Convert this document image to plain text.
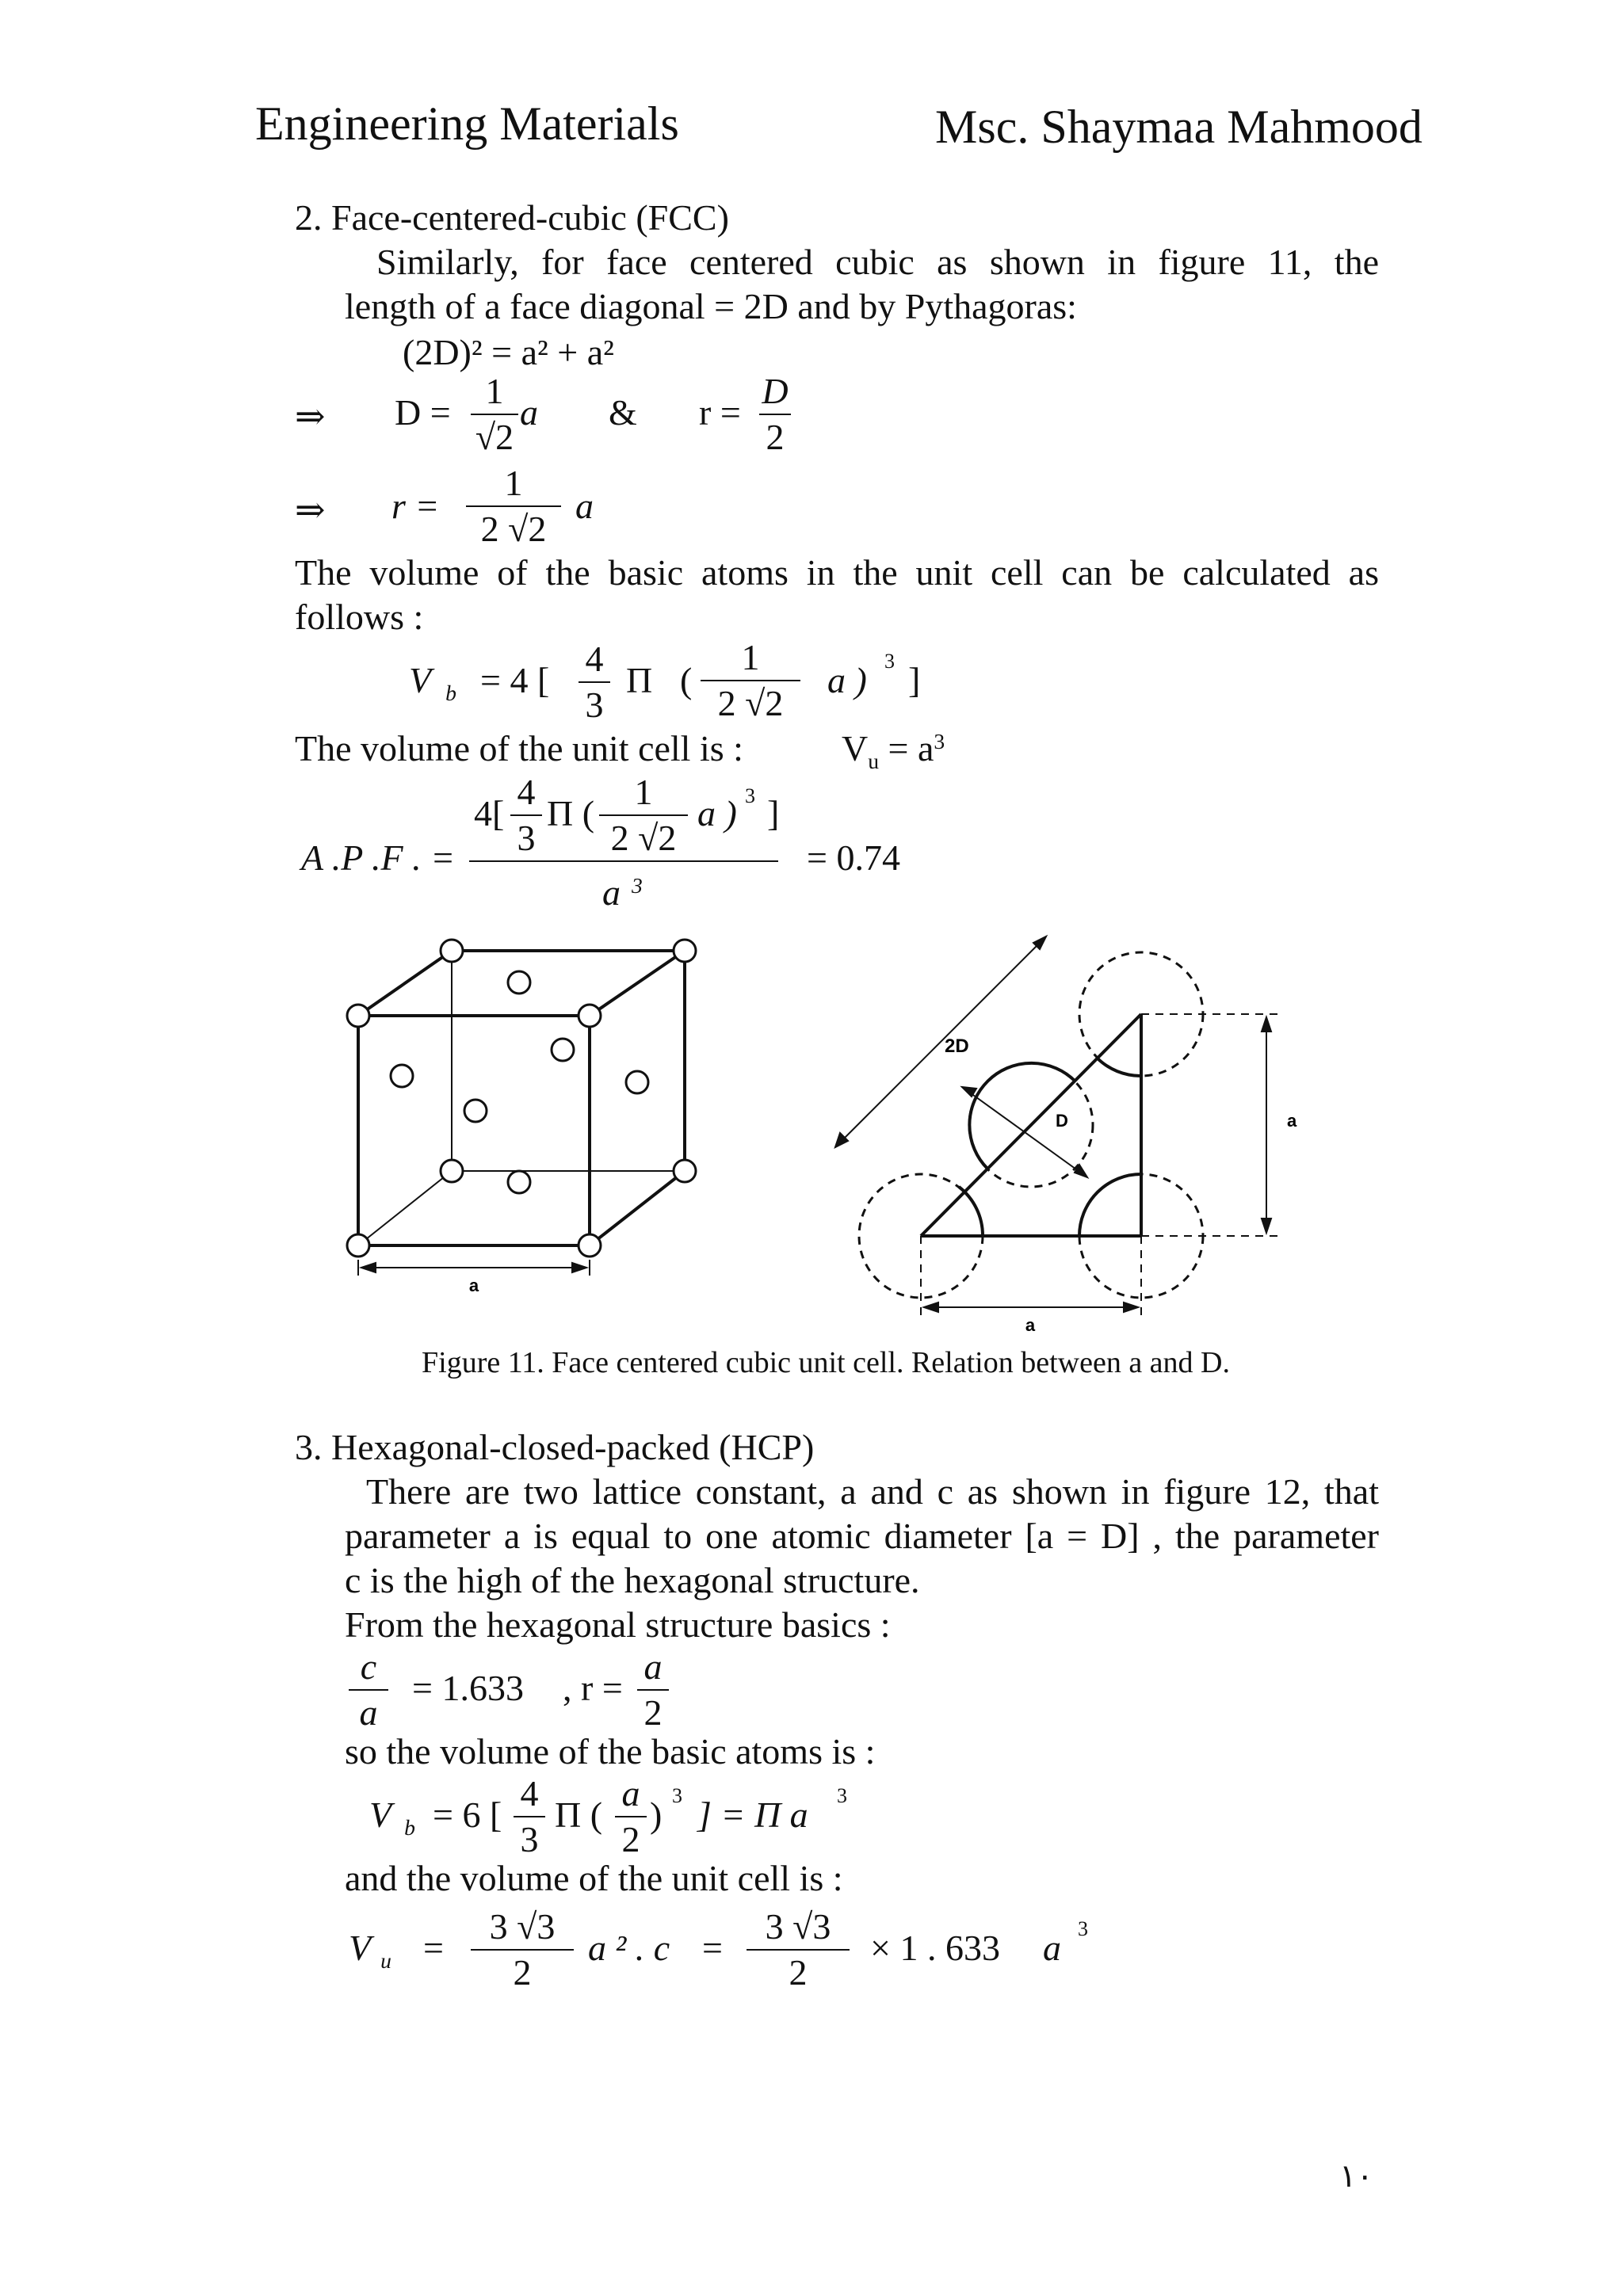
Engineering Materials	Msc. Shaymaa Mahmood
2. Face-centered-cubic (FCC)
Similarly, for face centered cubic as shown in figure 11, the
length of a face diagonal = 2D and by Pythagoras:
(2D)² = a² + a²
⇒ D =
1
√2
a & r =
D
2
⇒ r =
1
2 √2
a
The volume of the basic atoms in the unit cell can be calculated as
follows :
V $_b$ = 4 [
4
3
Π (
1
2 √2
a ) 3 ]
The volume of the unit cell is :	$V_u = a^3$
A .P .F . =
4[
4
3
Π (
1
2 √2
a ) 3 ]
a $^3$
= 0.74
a
2D
D	a
a
Figure 11. Face centered cubic unit cell. Relation between a and D.
3. Hexagonal-closed-packed (HCP)
There are two lattice constant, a and c as shown in figure 12, that
parameter a is equal to one atomic diameter [a = D] , the parameter
c is the high of the hexagonal structure.
From the hexagonal structure basics :
c
a
= 1.633 , r =
a
2
so the volume of the basic atoms is :
V $_b$ = 6 [
4
3
Π (
a
2
) 3 ] = Π a 3
and the volume of the unit cell is :
V $_u$ =
3 √3
2
a ² . c =
3 √3
2
× 1 . 633 a 3
١٠
